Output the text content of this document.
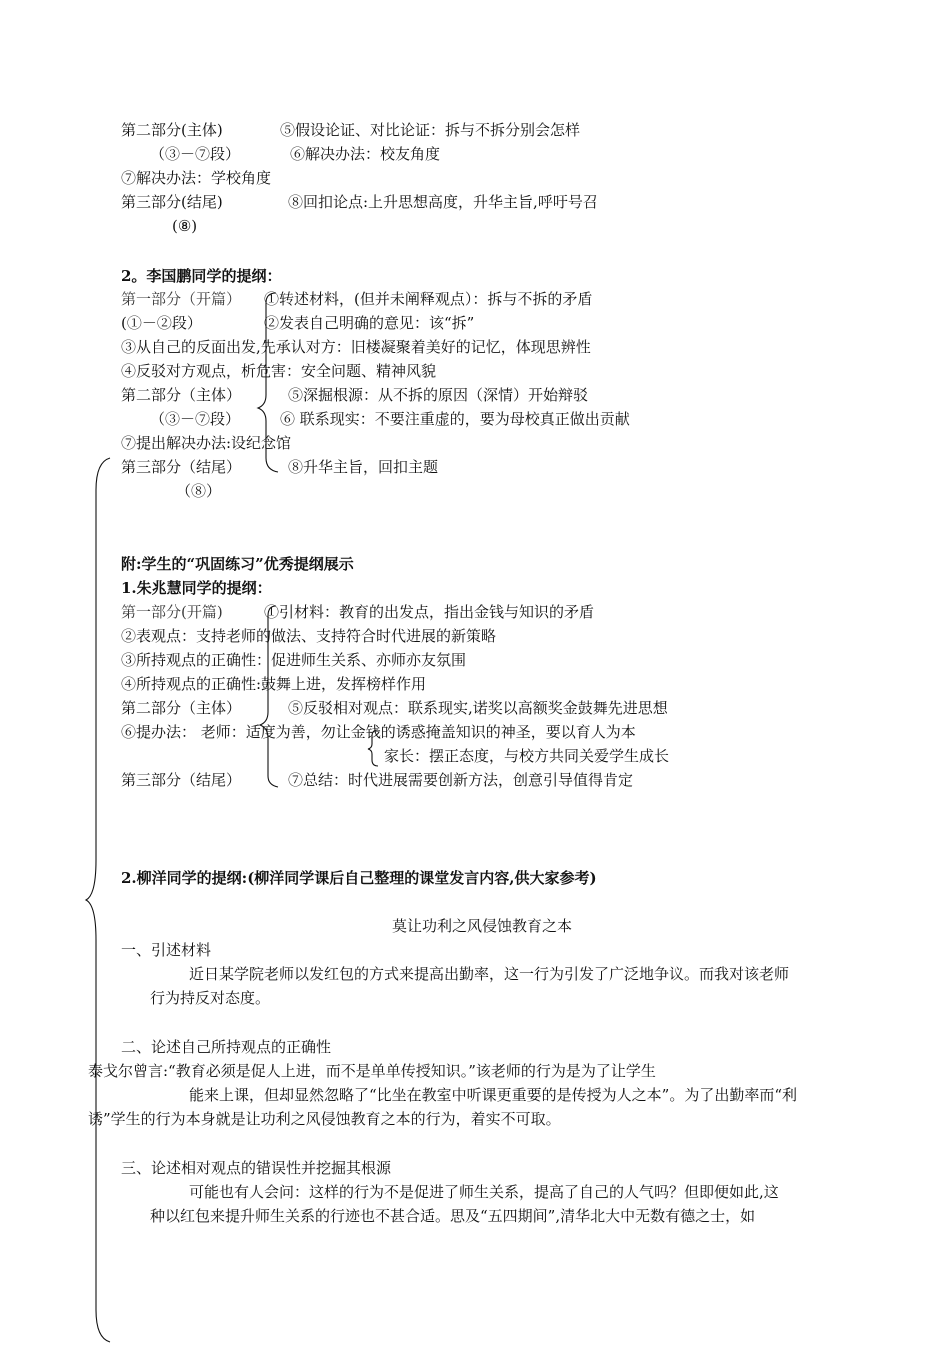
第二部分(主体)	⑤假设论证、对比论证：拆与不拆分别会怎样
（③－⑦段）	⑥解决办法：校友角度
⑦解决办法：学校角度
第三部分(结尾)	⑧回扣论点:上升思想高度，升华主旨,呼吁号召
(⑧)
2。李国鹏同学的提纲：
第一部分（开篇） ①转述材料，(但并未阐释观点）：拆与不拆的矛盾
(①－②段）	②发表自己明确的意见：该“拆”
③从自己的反面出发,先承认对方：旧楼凝聚着美好的记忆，体现思辨性
④反驳对方观点，析危害：安全问题、精神风貌
第二部分（主体）	⑤深掘根源：从不拆的原因（深情）开始辩驳
（③－⑦段）	⑥ 联系现实：不要注重虚的，要为母校真正做出贡献
⑦提出解决办法:设纪念馆
第三部分（结尾）	⑧升华主旨，回扣主题
（⑧）
附:学生的“巩固练习”优秀提纲展示
1.朱兆慧同学的提纲：
第一部分(开篇)	①引材料：教育的出发点，指出金钱与知识的矛盾
②表观点：支持老师的做法、支持符合时代进展的新策略
③所持观点的正确性：促进师生关系、亦师亦友氛围
④所持观点的正确性:鼓舞上进，发挥榜样作用
第二部分（主体）	⑤反驳相对观点：联系现实,诺奖以高额奖金鼓舞先进思想
⑥提办法： 老师：适度为善，勿让金钱的诱惑掩盖知识的神圣，要以育人为本
家长：摆正态度，与校方共同关爱学生成长
第三部分（结尾）	⑦总结：时代进展需要创新方法，创意引导值得肯定
2.柳洋同学的提纲:(柳洋同学课后自己整理的课堂发言内容,供大家参考)
莫让功利之风侵蚀教育之本
一、引述材料
近日某学院老师以发红包的方式来提高出勤率，这一行为引发了广泛地争议。而我对该老师
行为持反对态度。
二、论述自己所持观点的正确性
泰戈尔曾言:“教育必须是促人上进，而不是单单传授知识。”该老师的行为是为了让学生
能来上课，但却显然忽略了“比坐在教室中听课更重要的是传授为人之本”。为了出勤率而“利
诱”学生的行为本身就是让功利之风侵蚀教育之本的行为，着实不可取。
三、论述相对观点的错误性并挖掘其根源
可能也有人会问：这样的行为不是促进了师生关系，提高了自己的人气吗？但即便如此,这
种以红包来提升师生关系的行迹也不甚合适。思及“五四期间”,清华北大中无数有德之士，如
